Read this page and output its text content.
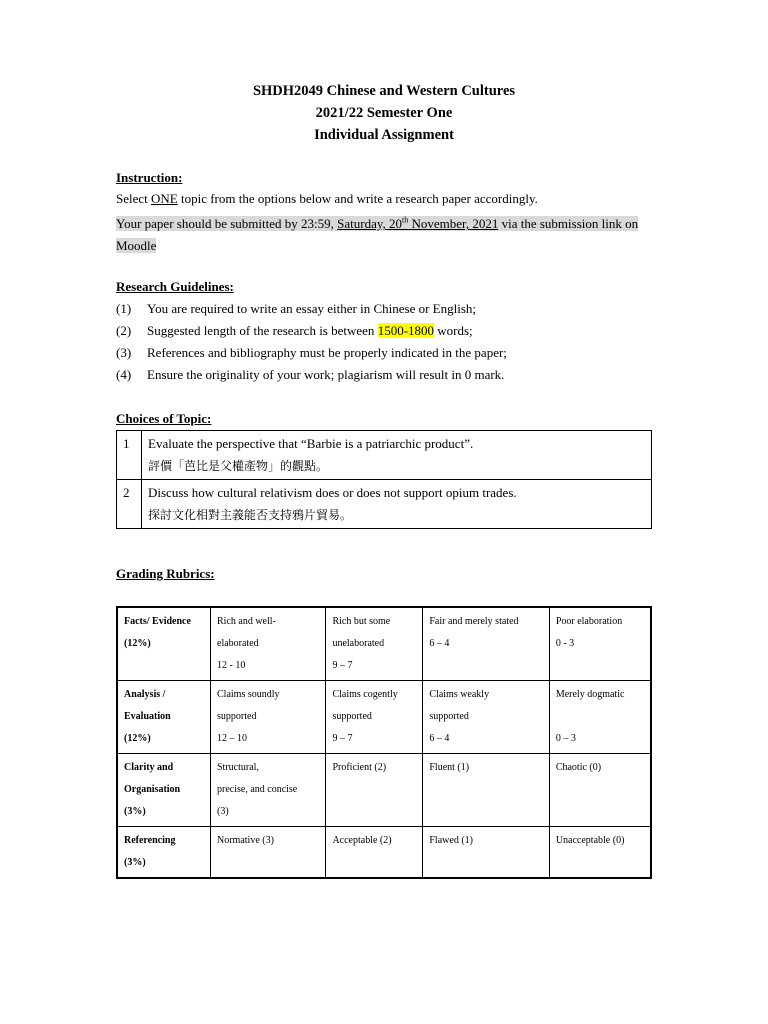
SHDH2049 Chinese and Western Cultures
2021/22 Semester One
Individual Assignment
Instruction:
Select ONE topic from the options below and write a research paper accordingly.
Your paper should be submitted by 23:59, Saturday, 20th November, 2021 via the submission link on
Moodle
Research Guidelines:
(1)	You are required to write an essay either in Chinese or English;
(2)	Suggested length of the research is between 1500-1800 words;
(3)	References and bibliography must be properly indicated in the paper;
(4)	Ensure the originality of your work; plagiarism will result in 0 mark.
Choices of Topic:
1	Evaluate the perspective that “Barbie is a patriarchic product”.
評價「芭比是父權產物」的觀點。

2	Discuss how cultural relativism does or does not support opium trades.
探討文化相對主義能否支持鴉片貿易。
Grading Rubrics:
Facts/ Evidence
(12%)	Rich and well-
elaborated
12 - 10	Rich but some
unelaborated
9 – 7	Fair and merely stated
6 – 4	Poor elaboration
0 - 3

Analysis /
Evaluation
(12%)	Claims soundly
supported
12 – 10	Claims cogently
supported
9 – 7	Claims weakly
supported
6 – 4	Merely dogmatic
0 – 3

Clarity and
Organisation
(3%)	Structural,
precise, and concise
(3)	Proficient (2)	Fluent (1)	Chaotic (0)

Referencing
(3%)	Normative (3)	Acceptable (2)	Flawed (1)	Unacceptable (0)
